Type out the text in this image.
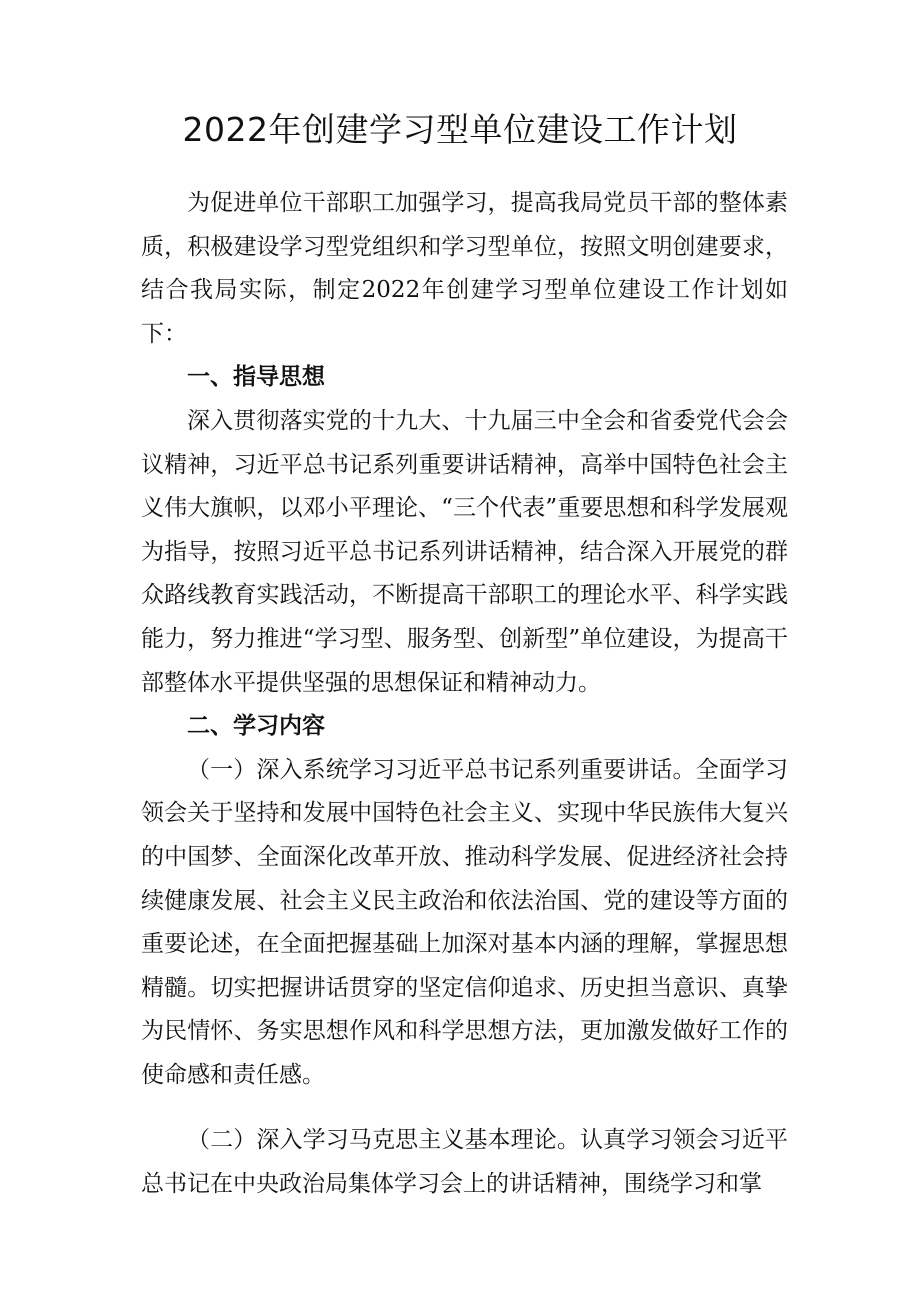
2022年创建学习型单位建设工作计划

为促进单位干部职工加强学习，提高我局党员干部的整体素质，积极建设学习型党组织和学习型单位，按照文明创建要求，结合我局实际，制定2022年创建学习型单位建设工作计划如下：

一、指导思想

深入贯彻落实党的十九大、十九届三中全会和省委党代会会议精神，习近平总书记系列重要讲话精神，高举中国特色社会主义伟大旗帜，以邓小平理论、“三个代表”重要思想和科学发展观为指导，按照习近平总书记系列讲话精神，结合深入开展党的群众路线教育实践活动，不断提高干部职工的理论水平、科学实践能力，努力推进“学习型、服务型、创新型”单位建设，为提高干部整体水平提供坚强的思想保证和精神动力。

二、学习内容

（一）深入系统学习习近平总书记系列重要讲话。全面学习领会关于坚持和发展中国特色社会主义、实现中华民族伟大复兴的中国梦、全面深化改革开放、推动科学发展、促进经济社会持续健康发展、社会主义民主政治和依法治国、党的建设等方面的重要论述，在全面把握基础上加深对基本内涵的理解，掌握思想精髓。切实把握讲话贯穿的坚定信仰追求、历史担当意识、真挚为民情怀、务实思想作风和科学思想方法，更加激发做好工作的使命感和责任感。

（二）深入学习马克思主义基本理论。认真学习领会习近平总书记在中央政治局集体学习会上的讲话精神，围绕学习和掌
